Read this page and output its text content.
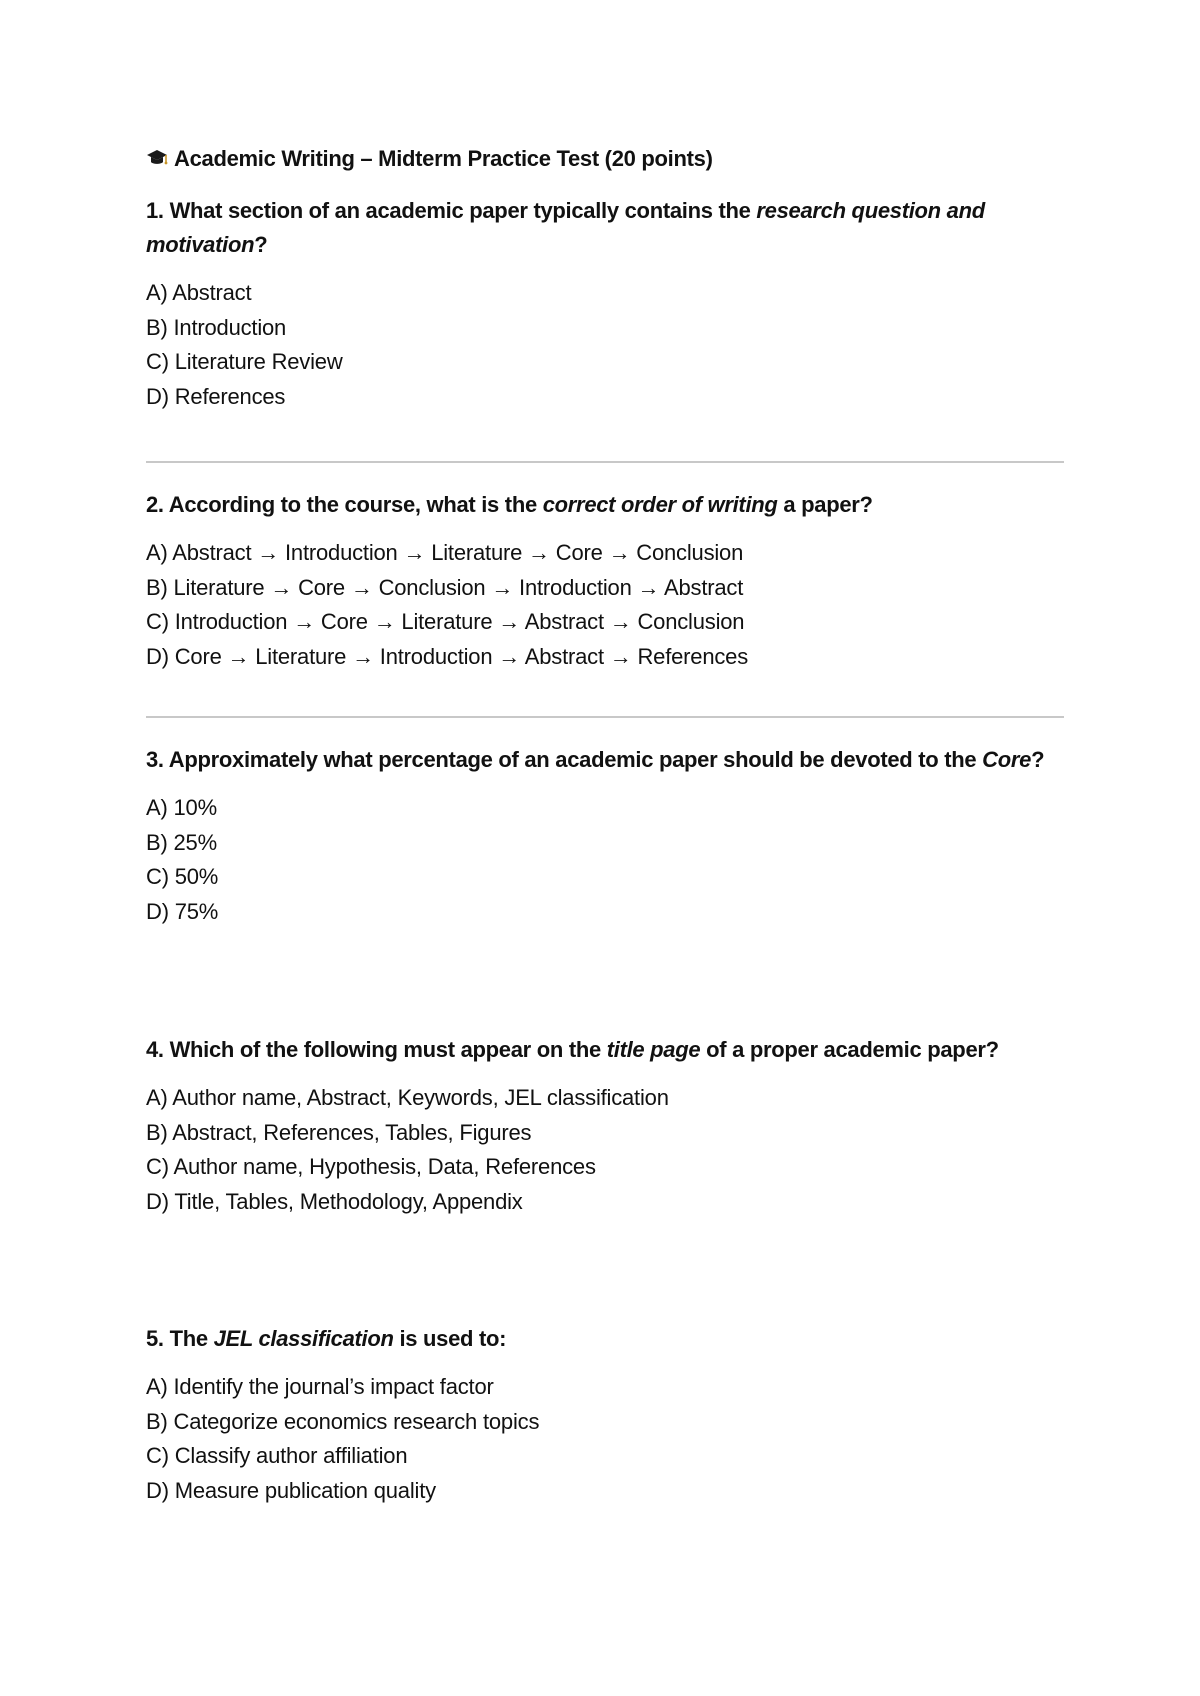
Academic Writing – Midterm Practice Test (20 points)

1. What section of an academic paper typically contains the research question and motivation?

A) Abstract
B) Introduction
C) Literature Review
D) References

2. According to the course, what is the correct order of writing a paper?

A) Abstract → Introduction → Literature → Core → Conclusion
B) Literature → Core → Conclusion → Introduction → Abstract
C) Introduction → Core → Literature → Abstract → Conclusion
D) Core → Literature → Introduction → Abstract → References

3. Approximately what percentage of an academic paper should be devoted to the Core?

A) 10%
B) 25%
C) 50%
D) 75%

4. Which of the following must appear on the title page of a proper academic paper?

A) Author name, Abstract, Keywords, JEL classification
B) Abstract, References, Tables, Figures
C) Author name, Hypothesis, Data, References
D) Title, Tables, Methodology, Appendix

5. The JEL classification is used to:

A) Identify the journal’s impact factor
B) Categorize economics research topics
C) Classify author affiliation
D) Measure publication quality
